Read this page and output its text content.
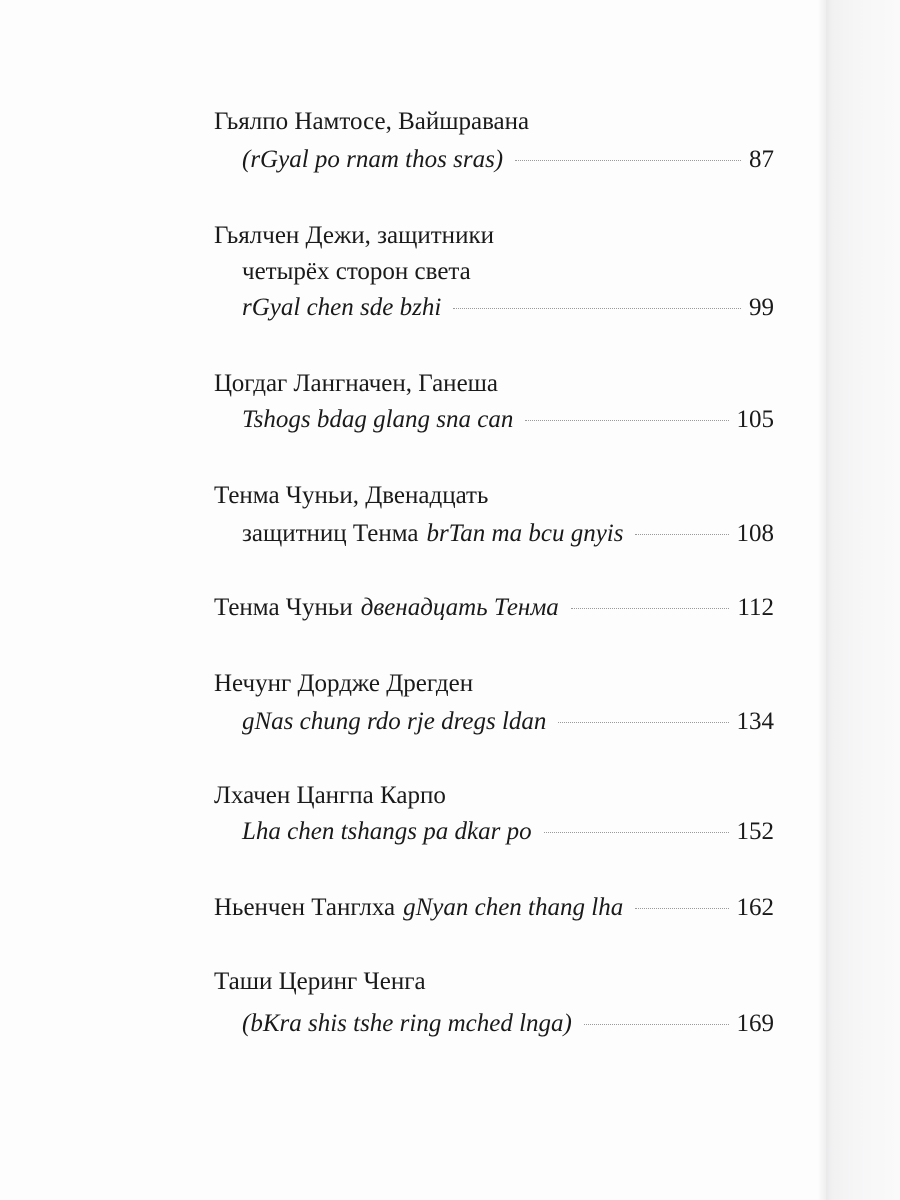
Гьялпо Намтосе, Вайшравана
(rGyal po rnam thos sras)	87
Гьялчен Дежи, защитники
четырёх сторон света
rGyal chen sde bzhi	99
Цогдаг Лангначен, Ганеша
Tshogs bdag glang sna can	105
Тенма Чуньи, Двенадцать
защитниц Тенма brTan ma bcu gnyis	108
Тенма Чуньи двенадцать Тенма	112
Нечунг Дордже Дрегден
gNas chung rdo rje dregs ldan	134
Лхачен Цангпа Карпо
Lha chen tshangs pa dkar po	152
Ньенчен Танглха gNyan chen thang lha	162
Таши Церинг Ченга
(bKra shis tshe ring mched lnga)	169
